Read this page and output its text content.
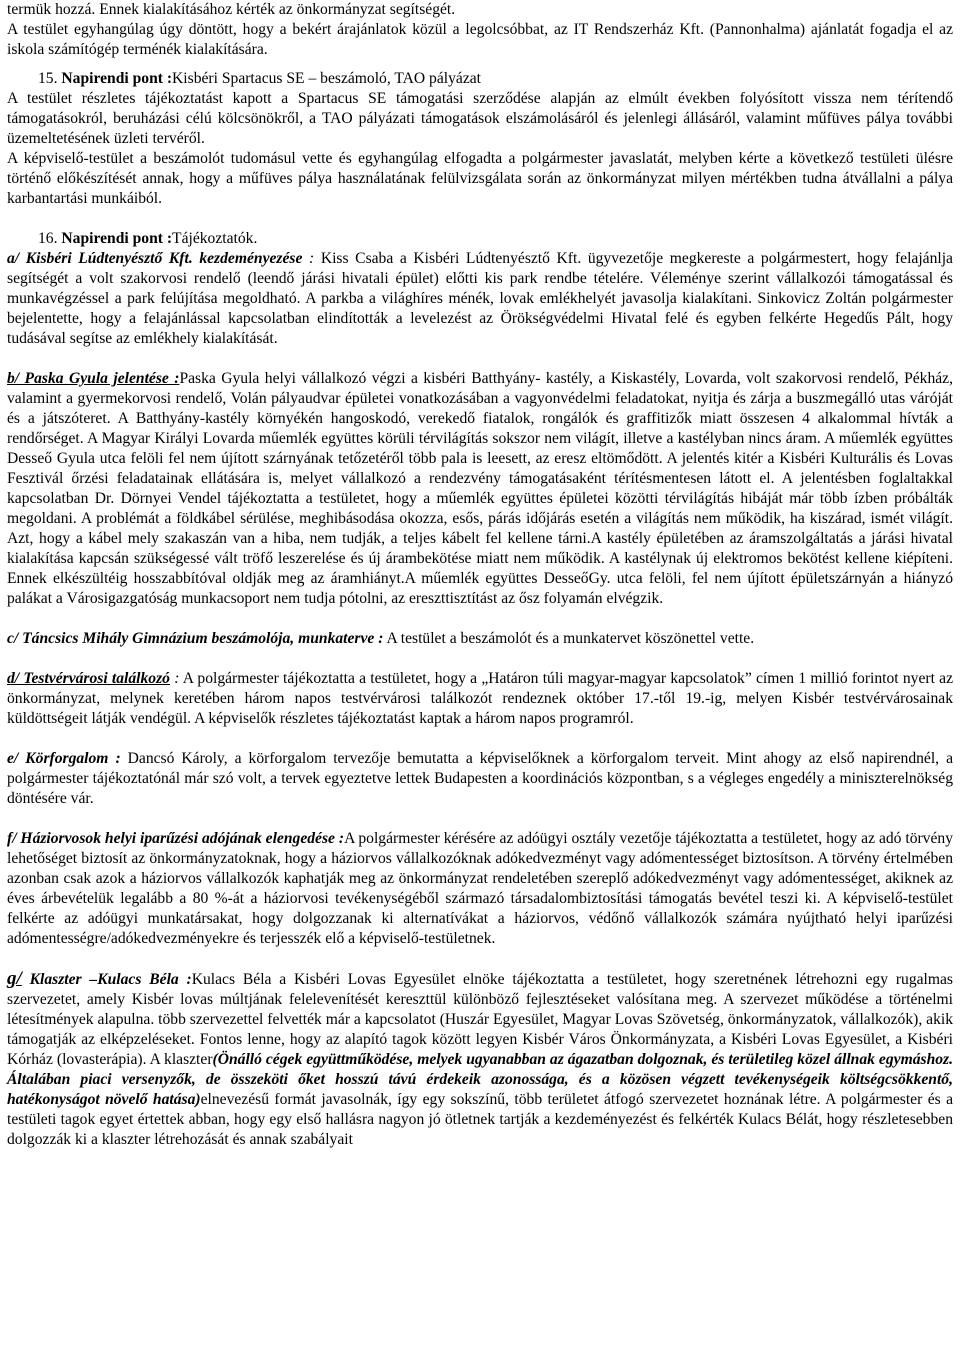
termük hozzá. Ennek kialakításához kérték az önkormányzat segítségét.

A testület egyhangúlag úgy döntött, hogy a bekért árajánlatok közül a legolcsóbbat, az IT Rendszerház Kft. (Pannonhalma) ajánlatát fogadja el az iskola számítógép terménék kialakítására.

15. Napirendi pont :Kisbéri Spartacus SE – beszámoló, TAO pályázat

A testület részletes tájékoztatást kapott a Spartacus SE támogatási szerződése alapján az elmúlt években folyósított vissza nem térítendő támogatásokról, beruházási célú kölcsönökről, a TAO pályázati támogatások elszámolásáról és jelenlegi állásáról, valamint műfüves pálya további üzemeltetésének üzleti tervéről.

A képviselő-testület a beszámolót tudomásul vette és egyhangúlag elfogadta a polgármester javaslatát, melyben kérte a következő testületi ülésre történő előkészítését annak, hogy a műfüves pálya használatának felülvizsgálata során az önkormányzat milyen mértékben tudna átvállalni a pálya karbantartási munkáiból.

16. Napirendi pont :Tájékoztatók.

a/ Kisbéri Lúdtenyésztő Kft. kezdeményezése : Kiss Csaba a Kisbéri Lúdtenyésztő Kft. ügyvezetője megkereste a polgármestert, hogy felajánlja segítségét a volt szakorvosi rendelő (leendő járási hivatali épület) előtti kis park rendbe tételére. Véleménye szerint vállalkozói támogatással és munkavégzéssel a park felújítása megoldható. A parkba a világhíres ménék, lovak emlékhelyét javasolja kialakítani. Sinkovicz Zoltán polgármester bejelentette, hogy a felajánlással kapcsolatban elindították a levelezést az Örökségvédelmi Hivatal felé és egyben felkérte Hegedűs Pált, hogy tudásával segítse az emlékhely kialakítását.

b/ Paska Gyula jelentése :Paska Gyula helyi vállalkozó végzi a kisbéri Batthyány- kastély, a Kiskastély, Lovarda, volt szakorvosi rendelő, Pékház, valamint a gyermekorvosi rendelő, Volán pályaudvar épületei vonatkozásában a vagyonvédelmi feladatokat, nyitja és zárja a buszmegálló utas váróját és a játszóteret. A Batthyány-kastély környékén hangoskodó, verekedő fiatalok, rongálók és graffitizők miatt összesen 4 alkalommal hívták a rendőrséget. A Magyar Királyi Lovarda műemlék együttes körüli térvilágítás sokszor nem világít, illetve a kastélyban nincs áram. A műemlék együttes Desseő Gyula utca felöli fel nem újított szárnyának tetőzetéről több pala is leesett, az eresz eltömődött. A jelentés kitér a Kisbéri Kulturális és Lovas Fesztivál őrzési feladatainak ellátására is, melyet vállalkozó a rendezvény támogatásaként térítésmentesen látott el. A jelentésben foglaltakkal kapcsolatban Dr. Dörnyei Vendel tájékoztatta a testületet, hogy a műemlék együttes épületei közötti térvilágítás hibáját már több ízben próbálták megoldani. A problémát a földkábel sérülése, meghibásodása okozza, esős, párás időjárás esetén a világítás nem működik, ha kiszárad, ismét világít. Azt, hogy a kábel mely szakaszán van a hiba, nem tudják, a teljes kábelt fel kellene tárni.A kastély épületében az áramszolgáltatás a járási hivatal kialakítása kapcsán szükségessé vált tröfő leszerelése és új árambekötése miatt nem működik. A kastélynak új elektromos bekötést kellene kiépíteni. Ennek elkészültéig hosszabbítóval oldják meg az áramhiányt.A műemlék együttes DesseőGy. utca felöli, fel nem újított épületszárnyán a hiányzó palákat a Városigazgatóság munkacsoport nem tudja pótolni, az ereszttisztítást az ősz folyamán elvégzik.

c/ Táncsics Mihály Gimnázium beszámolója, munkaterve : A testület a beszámolót és a munkatervet köszönettel vette.

d/ Testvérvárosi találkozó : A polgármester tájékoztatta a testületet, hogy a „Határon túli magyar-magyar kapcsolatok” címen 1 millió forintot nyert az önkormányzat, melynek keretében három napos testvérvárosi találkozót rendeznek október 17.-től 19.-ig, melyen Kisbér testvérvárosainak küldöttségeit látják vendégül. A képviselők részletes tájékoztatást kaptak a három napos programról.

e/ Körforgalom : Dancsó Károly, a körforgalom tervezője bemutatta a képviselőknek a körforgalom terveit. Mint ahogy az első napirendnél, a polgármester tájékoztatónál már szó volt, a tervek egyeztetve lettek Budapesten a koordinációs központban, s a végleges engedély a miniszterelnökség döntésére vár.

f/ Háziorvosok helyi iparűzési adójának elengedése :A polgármester kérésére az adóügyi osztály vezetője tájékoztatta a testületet, hogy az adó törvény lehetőséget biztosít az önkormányzatoknak, hogy a háziorvos vállalkozóknak adókedvezményt vagy adómentességet biztosítson. A törvény értelmében azonban csak azok a háziorvos vállalkozók kaphatják meg az önkormányzat rendeletében szereplő adókedvezményt vagy adómentességet, akiknek az éves árbevételük legalább a 80 %-át a háziorvosi tevékenységéből származó társadalombiztosítási támogatás bevétel teszi ki. A képviselő-testület felkérte az adóügyi munkatársakat, hogy dolgozzanak ki alternatívákat a háziorvos, védőnő vállalkozók számára nyújtható helyi iparűzési adómentességre/adókedvezményekre és terjesszék elő a képviselő-testületnek.

g/ Klaszter –Kulacs Béla :Kulacs Béla a Kisbéri Lovas Egyesület elnöke tájékoztatta a testületet, hogy szeretnének létrehozni egy rugalmas szervezetet, amely Kisbér lovas múltjának felelevenítését kereszttül különböző fejlesztéseket valósítana meg. A szervezet működése a történelmi létesítmények alapulna. több szervezettel felvették már a kapcsolatot (Huszár Egyesület, Magyar Lovas Szövetség, önkormányzatok, vállalkozók), akik támogatják az elképzeléseket. Fontos lenne, hogy az alapító tagok között legyen Kisbér Város Önkormányzata, a Kisbéri Lovas Egyesület, a Kisbéri Kórház (lovasterápia). A klaszter(Önálló cégek együttműködése, melyek ugyanabban az ágazatban dolgoznak, és területileg közel állnak egymáshoz. Általában piaci versenyzők, de összeköti őket hosszú távú érdekeik azonossága, és a közösen végzett tevékenységeik költségcsökkentő, hatékonyságot növelő hatása)elnevezésű formát javasolnák, így egy sokszínű, több területet átfogó szervezetet hoznának létre. A polgármester és a testületi tagok egyet értettek abban, hogy egy első hallásra nagyon jó ötletnek tartják a kezdeményezést és felkérték Kulacs Bélát, hogy részletesebben dolgozzák ki a klaszter létrehozását és annak szabályait
